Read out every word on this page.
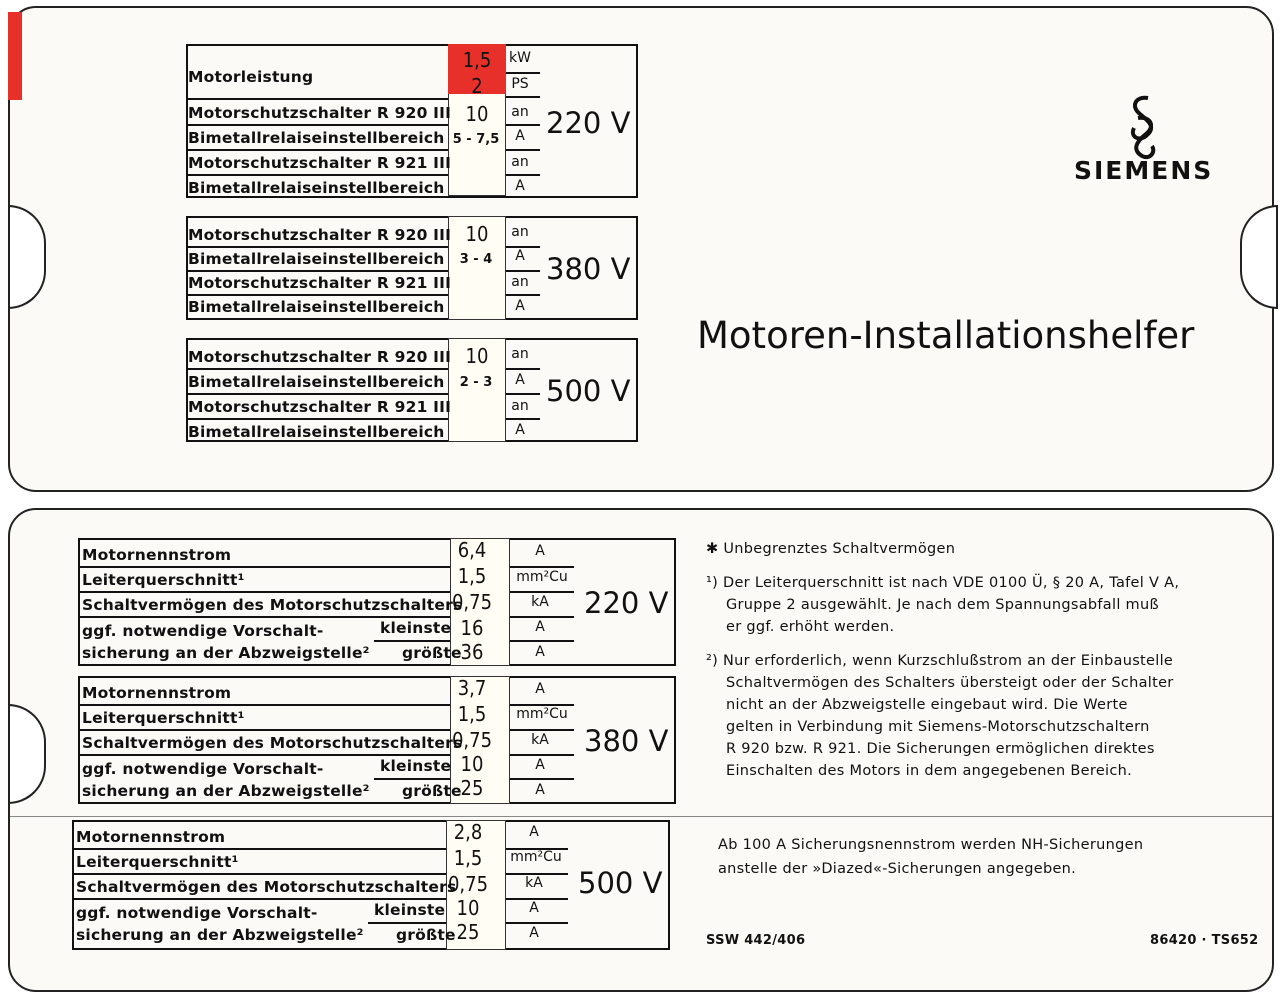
SIEMENS
Motoren-Installationshelfer
Motorleistung
1,5
2
kW
PS
Motorschutzschalter R 920 III
Bimetallrelaiseinstellbereich
Motorschutzschalter R 921 III
Bimetallrelaiseinstellbereich
10
5 - 7,5
an
A
an
A
220 V
Motorschutzschalter R 920 III
Bimetallrelaiseinstellbereich
Motorschutzschalter R 921 III
Bimetallrelaiseinstellbereich
10
3 - 4
an
A
an
A
380 V
Motorschutzschalter R 920 III
Bimetallrelaiseinstellbereich
Motorschutzschalter R 921 III
Bimetallrelaiseinstellbereich
10
2 - 3
an
A
an
A
500 V
Motornennstrom
Leiterquerschnitt¹
Schaltvermögen des Motorschutzschalters
ggf. notwendige Vorschalt-
sicherung an der Abzweigstelle²
kleinste
größte
6,4
1,5
0,75
16
36
A
mm²Cu
kA
A
A
220 V
Motornennstrom
Leiterquerschnitt¹
Schaltvermögen des Motorschutzschalters
ggf. notwendige Vorschalt-
sicherung an der Abzweigstelle²
kleinste
größte
3,7
1,5
0,75
10
25
A
mm²Cu
kA
A
A
380 V
Motornennstrom
Leiterquerschnitt¹
Schaltvermögen des Motorschutzschalters
ggf. notwendige Vorschalt-
sicherung an der Abzweigstelle²
kleinste
größte
2,8
1,5
0,75
10
25
A
mm²Cu
kA
A
A
500 V
✱ Unbegrenztes Schaltvermögen
¹) Der Leiterquerschnitt ist nach VDE 0100 Ü, § 20 A, Tafel V A,
Gruppe 2 ausgewählt. Je nach dem Spannungsabfall muß
er ggf. erhöht werden.
²) Nur erforderlich, wenn Kurzschlußstrom an der Einbaustelle
Schaltvermögen des Schalters übersteigt oder der Schalter
nicht an der Abzweigstelle eingebaut wird. Die Werte
gelten in Verbindung mit Siemens-Motorschutzschaltern
R 920 bzw. R 921. Die Sicherungen ermöglichen direktes
Einschalten des Motors in dem angegebenen Bereich.
Ab 100 A Sicherungsnennstrom werden NH-Sicherungen
anstelle der »Diazed«-Sicherungen angegeben.
SSW 442/406	86420 · TS652
